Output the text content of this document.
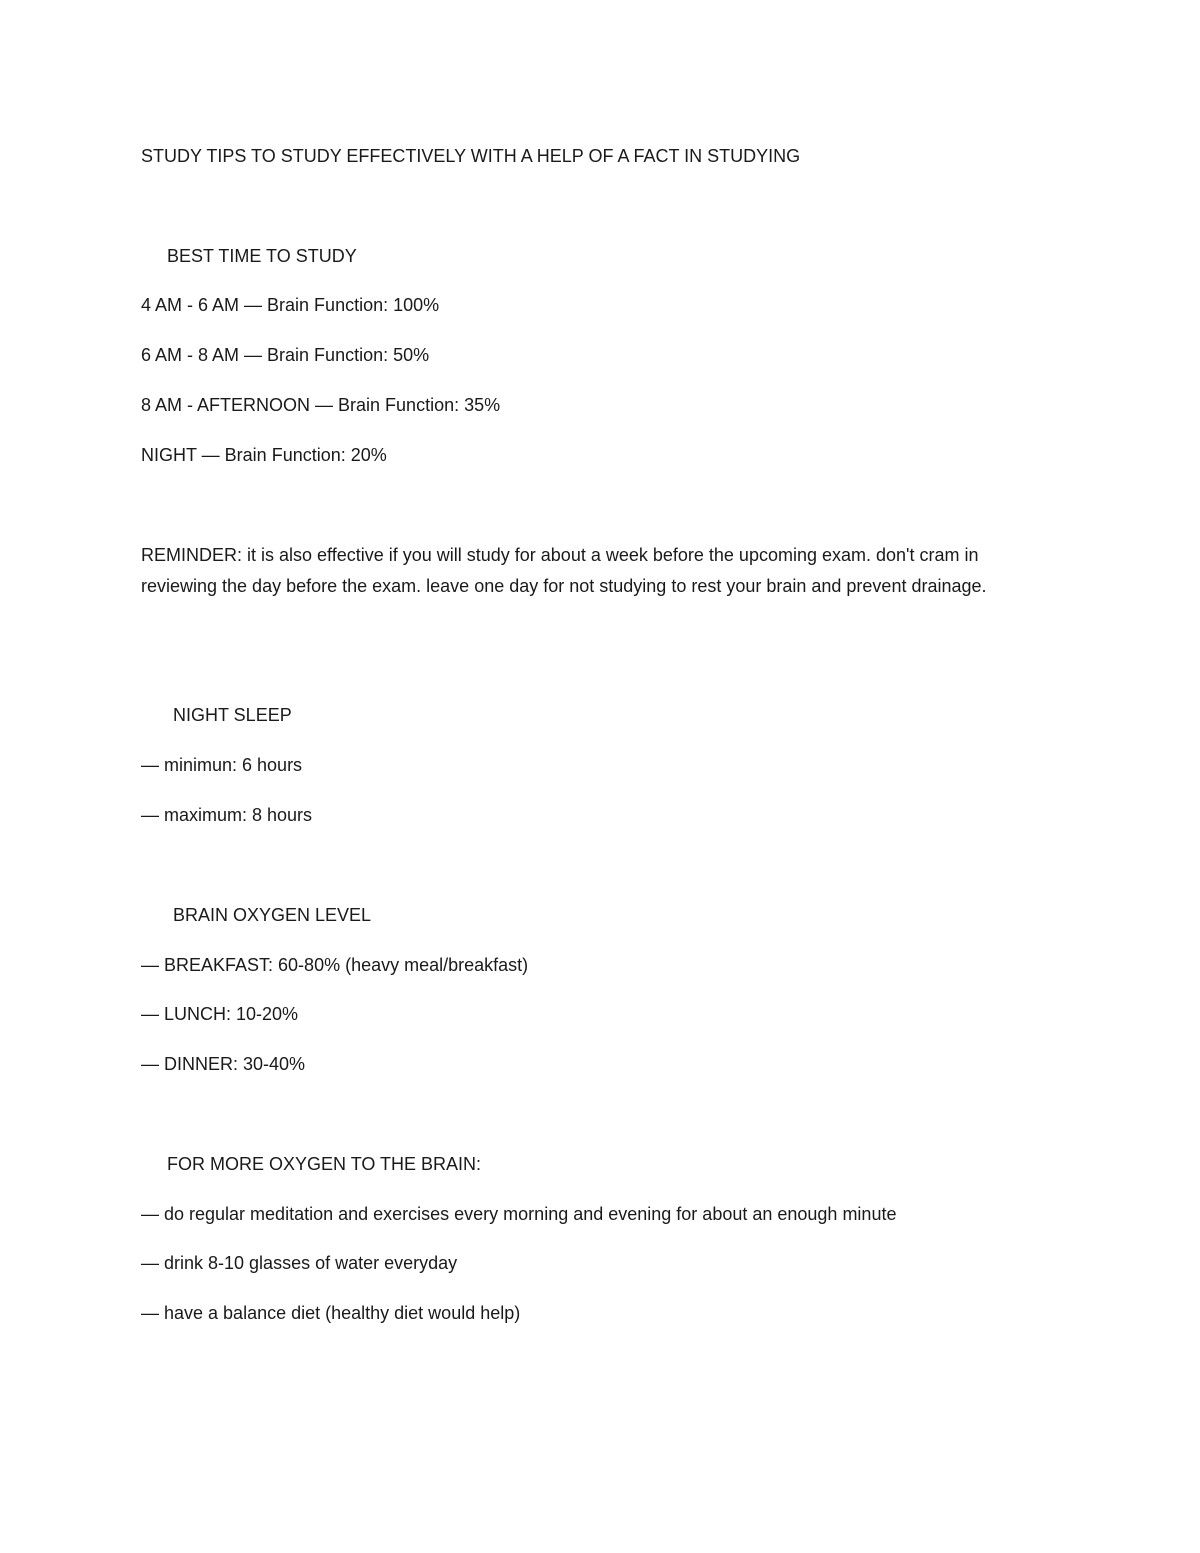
STUDY TIPS TO STUDY EFFECTIVELY WITH A HELP OF A FACT IN STUDYING
BEST TIME TO STUDY
4 AM - 6 AM — Brain Function: 100%
6 AM - 8 AM — Brain Function: 50%
8 AM - AFTERNOON — Brain Function: 35%
NIGHT — Brain Function: 20%
REMINDER: it is also effective if you will study for about a week before the upcoming exam. don't cram in reviewing the day before the exam. leave one day for not studying to rest your brain and prevent drainage.
NIGHT SLEEP
— minimun: 6 hours
— maximum: 8 hours
BRAIN OXYGEN LEVEL
— BREAKFAST: 60-80% (heavy meal/breakfast)
— LUNCH: 10-20%
— DINNER: 30-40%
FOR MORE OXYGEN TO THE BRAIN:
— do regular meditation and exercises every morning and evening for about an enough minute
— drink 8-10 glasses of water everyday
— have a balance diet (healthy diet would help)
